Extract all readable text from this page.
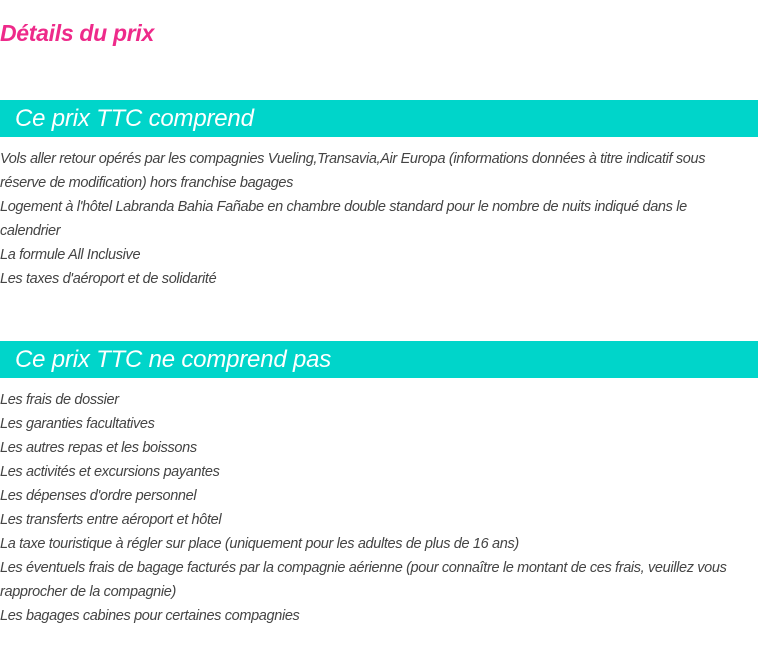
Détails du prix
Ce prix TTC comprend
Vols aller retour opérés par les compagnies Vueling,Transavia,Air Europa (informations données à titre indicatif sous réserve de modification) hors franchise bagages
Logement à l'hôtel Labranda Bahia Fañabe en chambre double standard pour le nombre de nuits indiqué dans le calendrier
La formule All Inclusive
Les taxes d'aéroport et de solidarité
Ce prix TTC ne comprend pas
Les frais de dossier
Les garanties facultatives
Les autres repas et les boissons
Les activités et excursions payantes
Les dépenses d'ordre personnel
Les transferts entre aéroport et hôtel
La taxe touristique à régler sur place (uniquement pour les adultes de plus de 16 ans)
Les éventuels frais de bagage facturés par la compagnie aérienne (pour connaître le montant de ces frais, veuillez vous rapprocher de la compagnie)
Les bagages cabines pour certaines compagnies
